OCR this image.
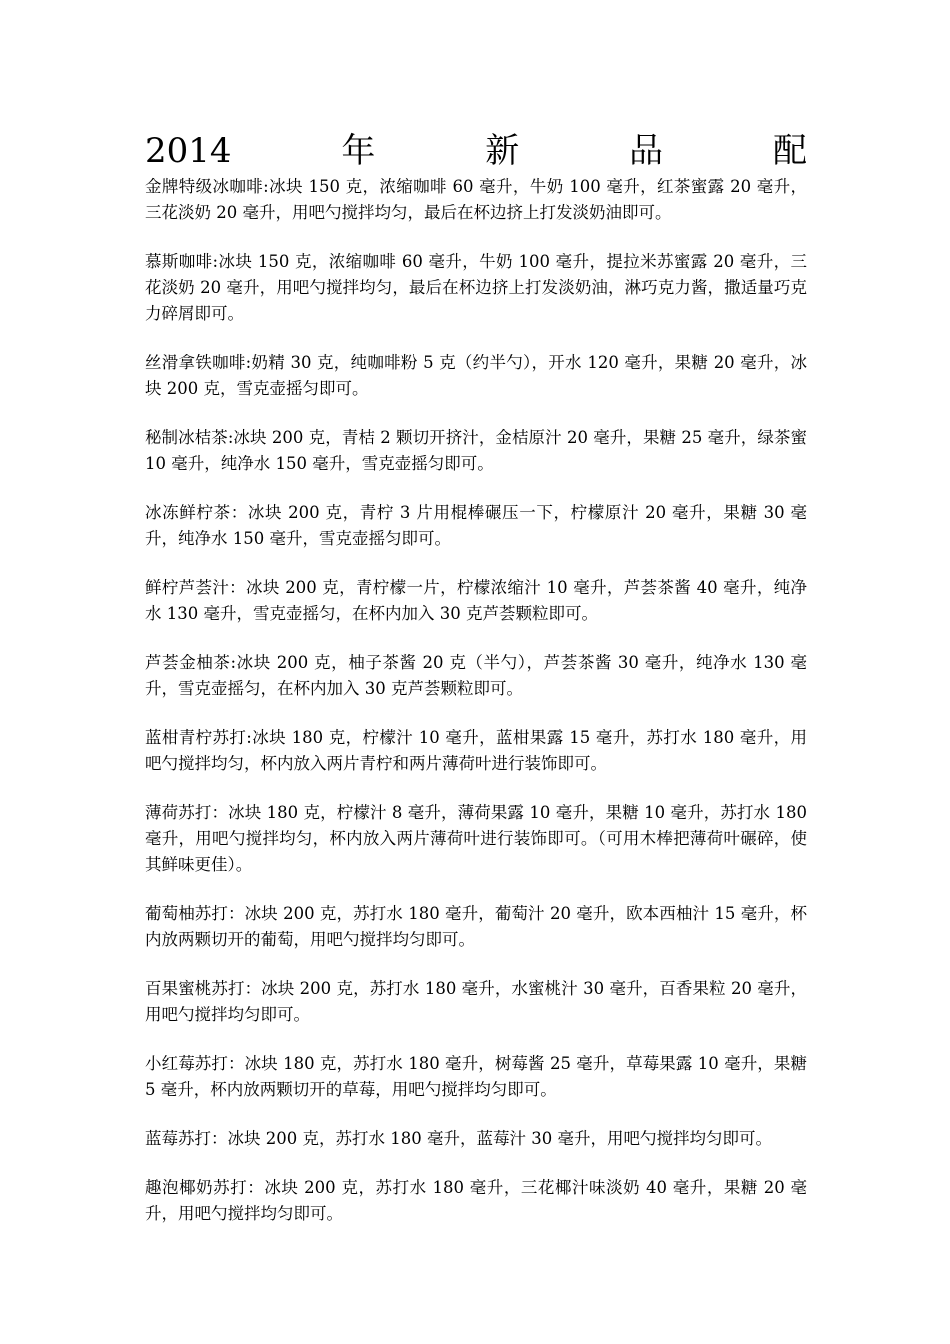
2014	年	新	品	配

金牌特级冰咖啡:冰块 150 克，浓缩咖啡 60 毫升，牛奶 100 毫升，红茶蜜露 20 毫升，三花淡奶 20 毫升，用吧勺搅拌均匀，最后在杯边挤上打发淡奶油即可。

慕斯咖啡:冰块 150 克，浓缩咖啡 60 毫升，牛奶 100 毫升，提拉米苏蜜露 20 毫升，三花淡奶 20 毫升，用吧勺搅拌均匀，最后在杯边挤上打发淡奶油，淋巧克力酱，撒适量巧克力碎屑即可。

丝滑拿铁咖啡:奶精 30 克，纯咖啡粉 5 克（约半勺），开水 120 毫升，果糖 20 毫升，冰块 200 克，雪克壶摇匀即可。

秘制冰桔茶:冰块 200 克，青桔 2 颗切开挤汁，金桔原汁 20 毫升，果糖 25 毫升，绿茶蜜 10 毫升，纯净水 150 毫升，雪克壶摇匀即可。

冰冻鲜柠茶：冰块 200 克，青柠 3 片用棍棒碾压一下，柠檬原汁 20 毫升，果糖 30 毫升，纯净水 150 毫升，雪克壶摇匀即可。

鲜柠芦荟汁：冰块 200 克，青柠檬一片，柠檬浓缩汁 10 毫升，芦荟茶酱 40 毫升，纯净水 130 毫升，雪克壶摇匀，在杯内加入 30 克芦荟颗粒即可。

芦荟金柚茶:冰块 200 克，柚子茶酱 20 克（半勺），芦荟茶酱 30 毫升，纯净水 130 毫升，雪克壶摇匀，在杯内加入 30 克芦荟颗粒即可。

蓝柑青柠苏打:冰块 180 克，柠檬汁 10 毫升，蓝柑果露 15 毫升，苏打水 180 毫升，用吧勺搅拌均匀，杯内放入两片青柠和两片薄荷叶进行装饰即可。

薄荷苏打：冰块 180 克，柠檬汁 8 毫升，薄荷果露 10 毫升，果糖 10 毫升，苏打水 180 毫升，用吧勺搅拌均匀，杯内放入两片薄荷叶进行装饰即可。（可用木棒把薄荷叶碾碎，使其鲜味更佳）。

葡萄柚苏打：冰块 200 克，苏打水 180 毫升，葡萄汁 20 毫升，欧本西柚汁 15 毫升，杯内放两颗切开的葡萄，用吧勺搅拌均匀即可。

百果蜜桃苏打：冰块 200 克，苏打水 180 毫升，水蜜桃汁 30 毫升，百香果粒 20 毫升，用吧勺搅拌均匀即可。

小红莓苏打：冰块 180 克，苏打水 180 毫升，树莓酱 25 毫升，草莓果露 10 毫升，果糖 5 毫升，杯内放两颗切开的草莓，用吧勺搅拌均匀即可。

蓝莓苏打：冰块 200 克，苏打水 180 毫升，蓝莓汁 30 毫升，用吧勺搅拌均匀即可。

趣泡椰奶苏打：冰块 200 克，苏打水 180 毫升，三花椰汁味淡奶 40 毫升，果糖 20 毫升，用吧勺搅拌均匀即可。
